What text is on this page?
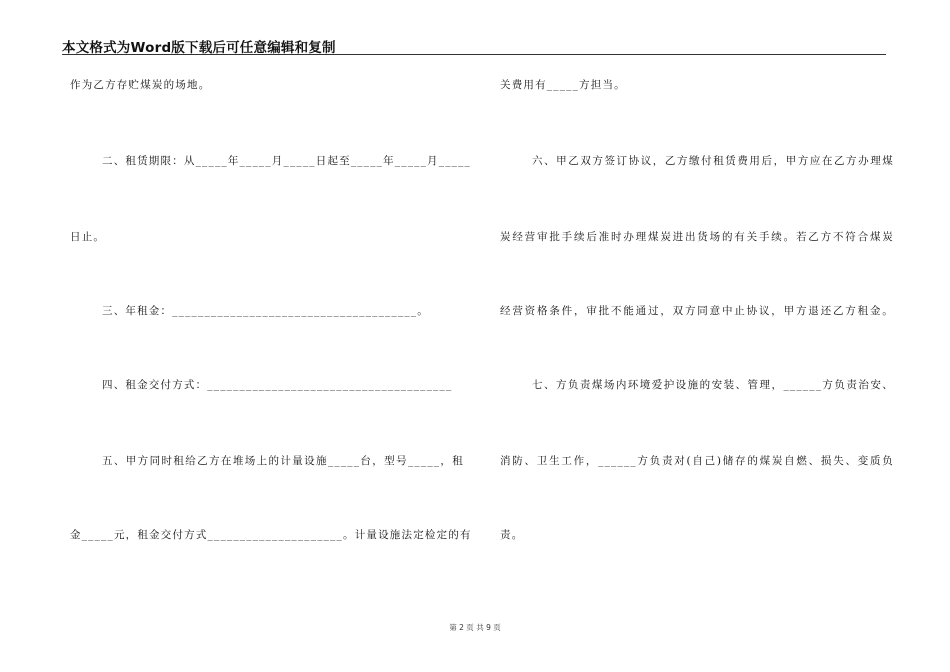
本文格式为Word版下载后可任意编辑和复制
作为乙方存贮煤炭的场地。
二、租赁期限：从_____年_____月_____日起至_____年_____月_____
日止。
三、年租金：______________________________________。
四、租金交付方式：______________________________________
五、甲方同时租给乙方在堆场上的计量设施_____台，型号_____，租
金_____元，租金交付方式_____________________。计量设施法定检定的有
关费用有_____方担当。
六、甲乙双方签订协议，乙方缴付租赁费用后，甲方应在乙方办理煤
炭经营审批手续后准时办理煤炭进出货场的有关手续。若乙方不符合煤炭
经营资格条件，审批不能通过，双方同意中止协议，甲方退还乙方租金。
七、方负责煤场内环境爱护设施的安装、管理，______方负责治安、
消防、卫生工作，______方负责对(自己)储存的煤炭自燃、损失、变质负
责。
第 2 页 共 9 页
